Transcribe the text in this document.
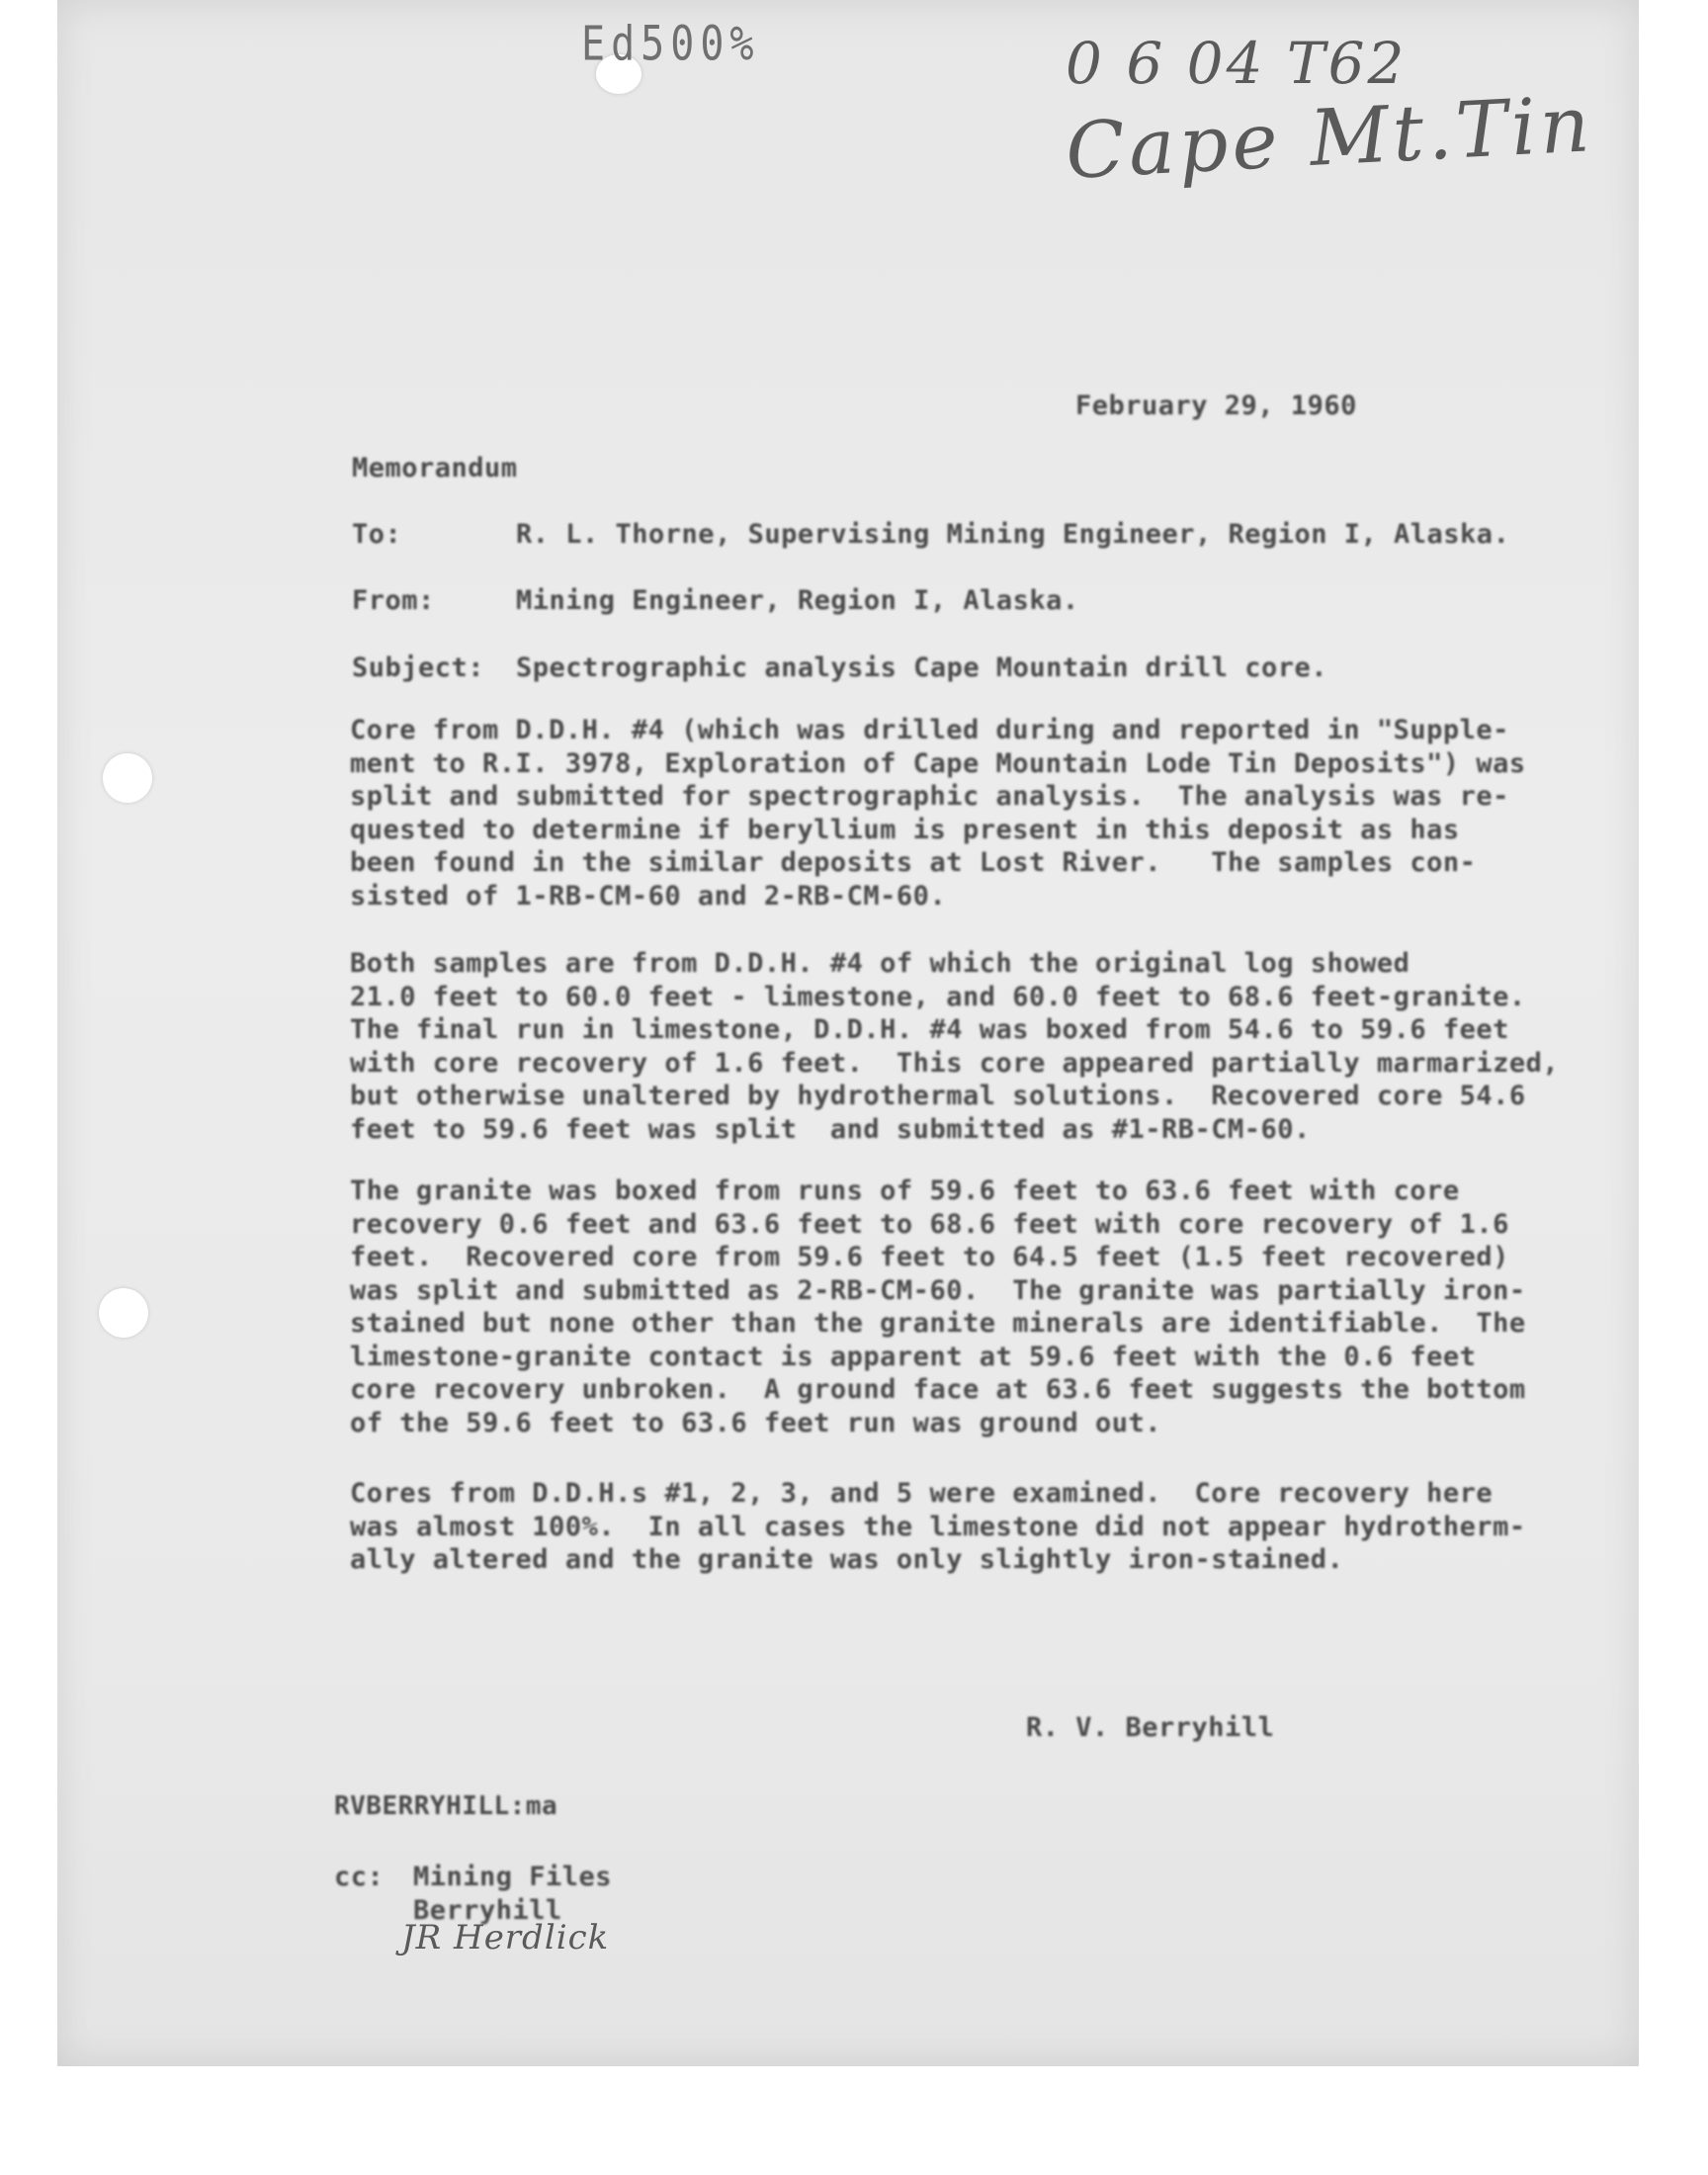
Ed500%	0 6 04 T62
Cape Mt.Tin
February 29, 1960
Memorandum
To:	R. L. Thorne, Supervising Mining Engineer, Region I, Alaska.
From:	Mining Engineer, Region I, Alaska.
Subject: Spectrographic analysis Cape Mountain drill core.
Core from D.D.H. #4 (which was drilled during and reported in "Supple-
ment to R.I. 3978, Exploration of Cape Mountain Lode Tin Deposits") was
split and submitted for spectrographic analysis.  The analysis was re-
quested to determine if beryllium is present in this deposit as has
been found in the similar deposits at Lost River.   The samples con-
sisted of 1-RB-CM-60 and 2-RB-CM-60.
Both samples are from D.D.H. #4 of which the original log showed
21.0 feet to 60.0 feet - limestone, and 60.0 feet to 68.6 feet-granite.
The final run in limestone, D.D.H. #4 was boxed from 54.6 to 59.6 feet
with core recovery of 1.6 feet.  This core appeared partially marmarized,
but otherwise unaltered by hydrothermal solutions.  Recovered core 54.6
feet to 59.6 feet was split  and submitted as #1-RB-CM-60.
The granite was boxed from runs of 59.6 feet to 63.6 feet with core
recovery 0.6 feet and 63.6 feet to 68.6 feet with core recovery of 1.6
feet.  Recovered core from 59.6 feet to 64.5 feet (1.5 feet recovered)
was split and submitted as 2-RB-CM-60.  The granite was partially iron-
stained but none other than the granite minerals are identifiable.  The
limestone-granite contact is apparent at 59.6 feet with the 0.6 feet
core recovery unbroken.  A ground face at 63.6 feet suggests the bottom
of the 59.6 feet to 63.6 feet run was ground out.
Cores from D.D.H.s #1, 2, 3, and 5 were examined.  Core recovery here
was almost 100%.  In all cases the limestone did not appear hydrotherm-
ally altered and the granite was only slightly iron-stained.
R. V. Berryhill
RVBERRYHILL:ma
cc: Mining Files
Berryhill
JR Herdlick
